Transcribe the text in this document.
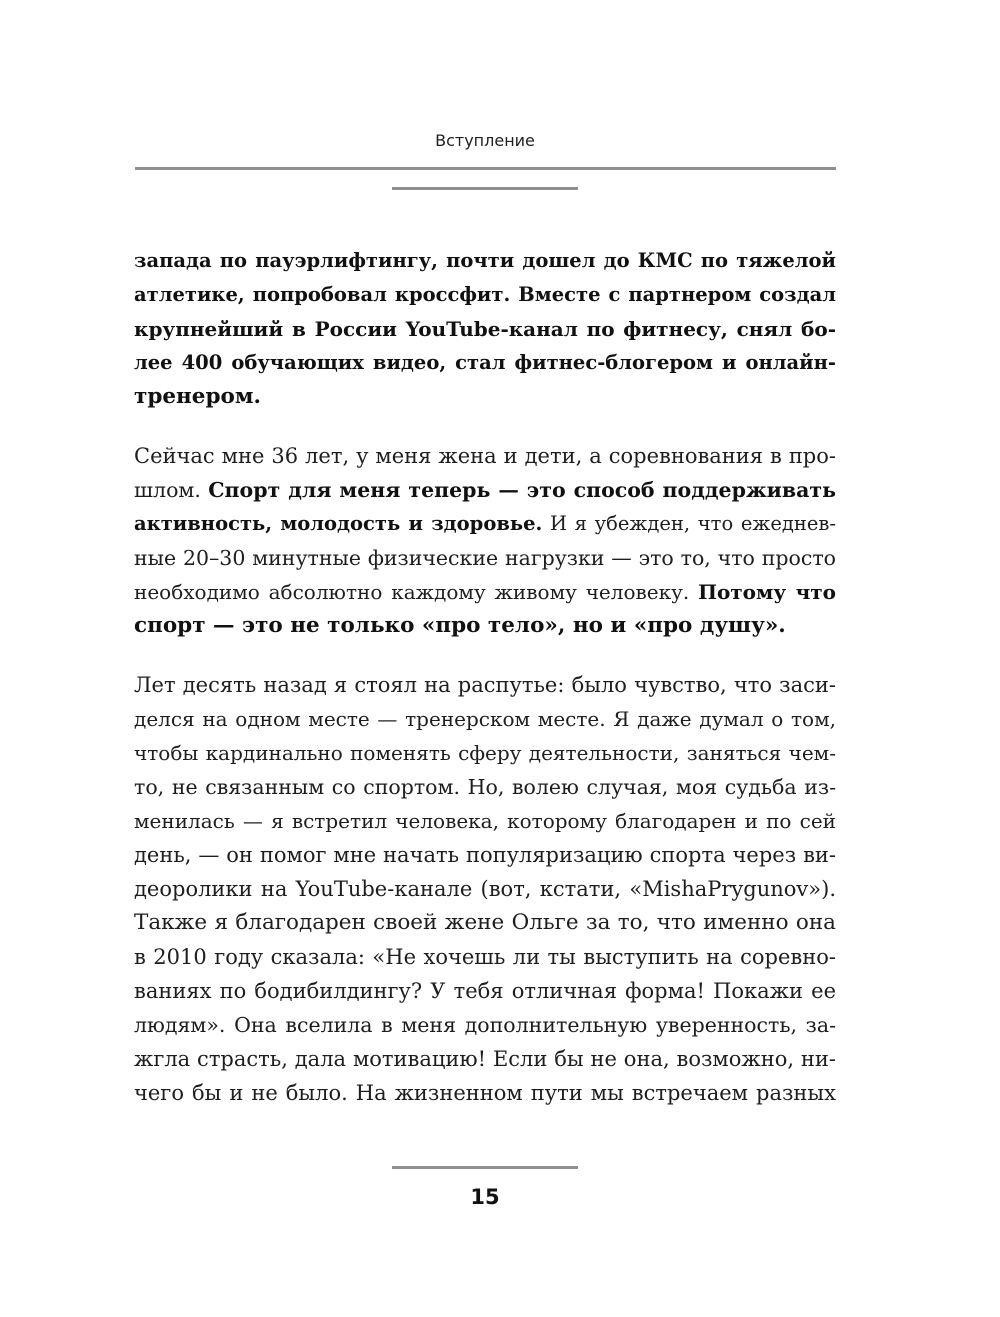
Вступление
запада по пауэрлифтингу, почти дошел до КМС по тяжелой
атлетике, попробовал кроссфит. Вместе с партнером создал
крупнейший в России YouTube-канал по фитнесу, снял бо-
лее 400 обучающих видео, стал фитнес-блогером и онлайн-
тренером.
Сейчас мне 36 лет, у меня жена и дети, а соревнования в про-
шлом. Спорт для меня теперь — это способ поддерживать
активность, молодость и здоровье. И я убежден, что ежеднев-
ные 20–30 минутные физические нагрузки — это то, что просто
необходимо абсолютно каждому живому человеку. Потому что
спорт — это не только «про тело», но и «про душу».
Лет десять назад я стоял на распутье: было чувство, что заси-
делся на одном месте — тренерском месте. Я даже думал о том,
чтобы кардинально поменять сферу деятельности, заняться чем-
то, не связанным со спортом. Но, волею случая, моя судьба из-
менилась — я встретил человека, которому благодарен и по сей
день, — он помог мне начать популяризацию спорта через ви-
деоролики на YouTube-канале (вот, кстати, «MishaPrygunov»).
Также я благодарен своей жене Ольге за то, что именно она
в 2010 году сказала: «Не хочешь ли ты выступить на соревно-
ваниях по бодибилдингу? У тебя отличная форма! Покажи ее
людям». Она вселила в меня дополнительную уверенность, за-
жгла страсть, дала мотивацию! Если бы не она, возможно, ни-
чего бы и не было. На жизненном пути мы встречаем разных
15
